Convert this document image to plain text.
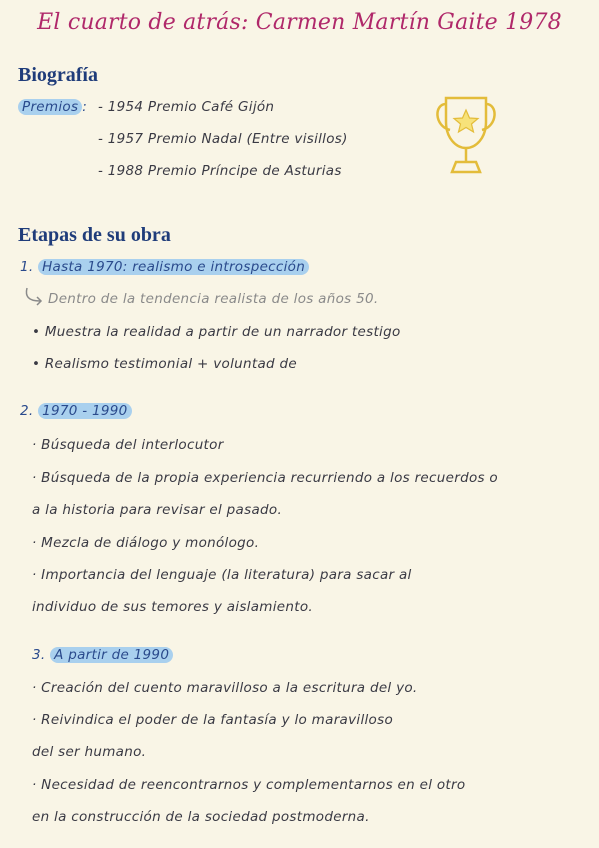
El cuarto de atrás: Carmen Martín Gaite 1978
Biografía
Premios : - 1954 Premio Café Gijón
- 1957 Premio Nadal (Entre visillos)
- 1988 Premio Príncipe de Asturias
Etapas de su obra
1. Hasta 1970: realismo e introspección
Dentro de la tendencia realista de los años 50.
• Muestra la realidad a partir de un narrador testigo
• Realismo testimonial + voluntad de
2. 1970 - 1990
· Búsqueda del interlocutor
· Búsqueda de la propia experiencia recurriendo a los recuerdos o
a la historia para revisar el pasado.
· Mezcla de diálogo y monólogo.
· Importancia del lenguaje (la literatura) para sacar al
individuo de sus temores y aislamiento.
3. A partir de 1990
· Creación del cuento maravilloso a la escritura del yo.
· Reivindica el poder de la fantasía y lo maravilloso
del ser humano.
· Necesidad de reencontrarnos y complementarnos en el otro
en la construcción de la sociedad postmoderna.
